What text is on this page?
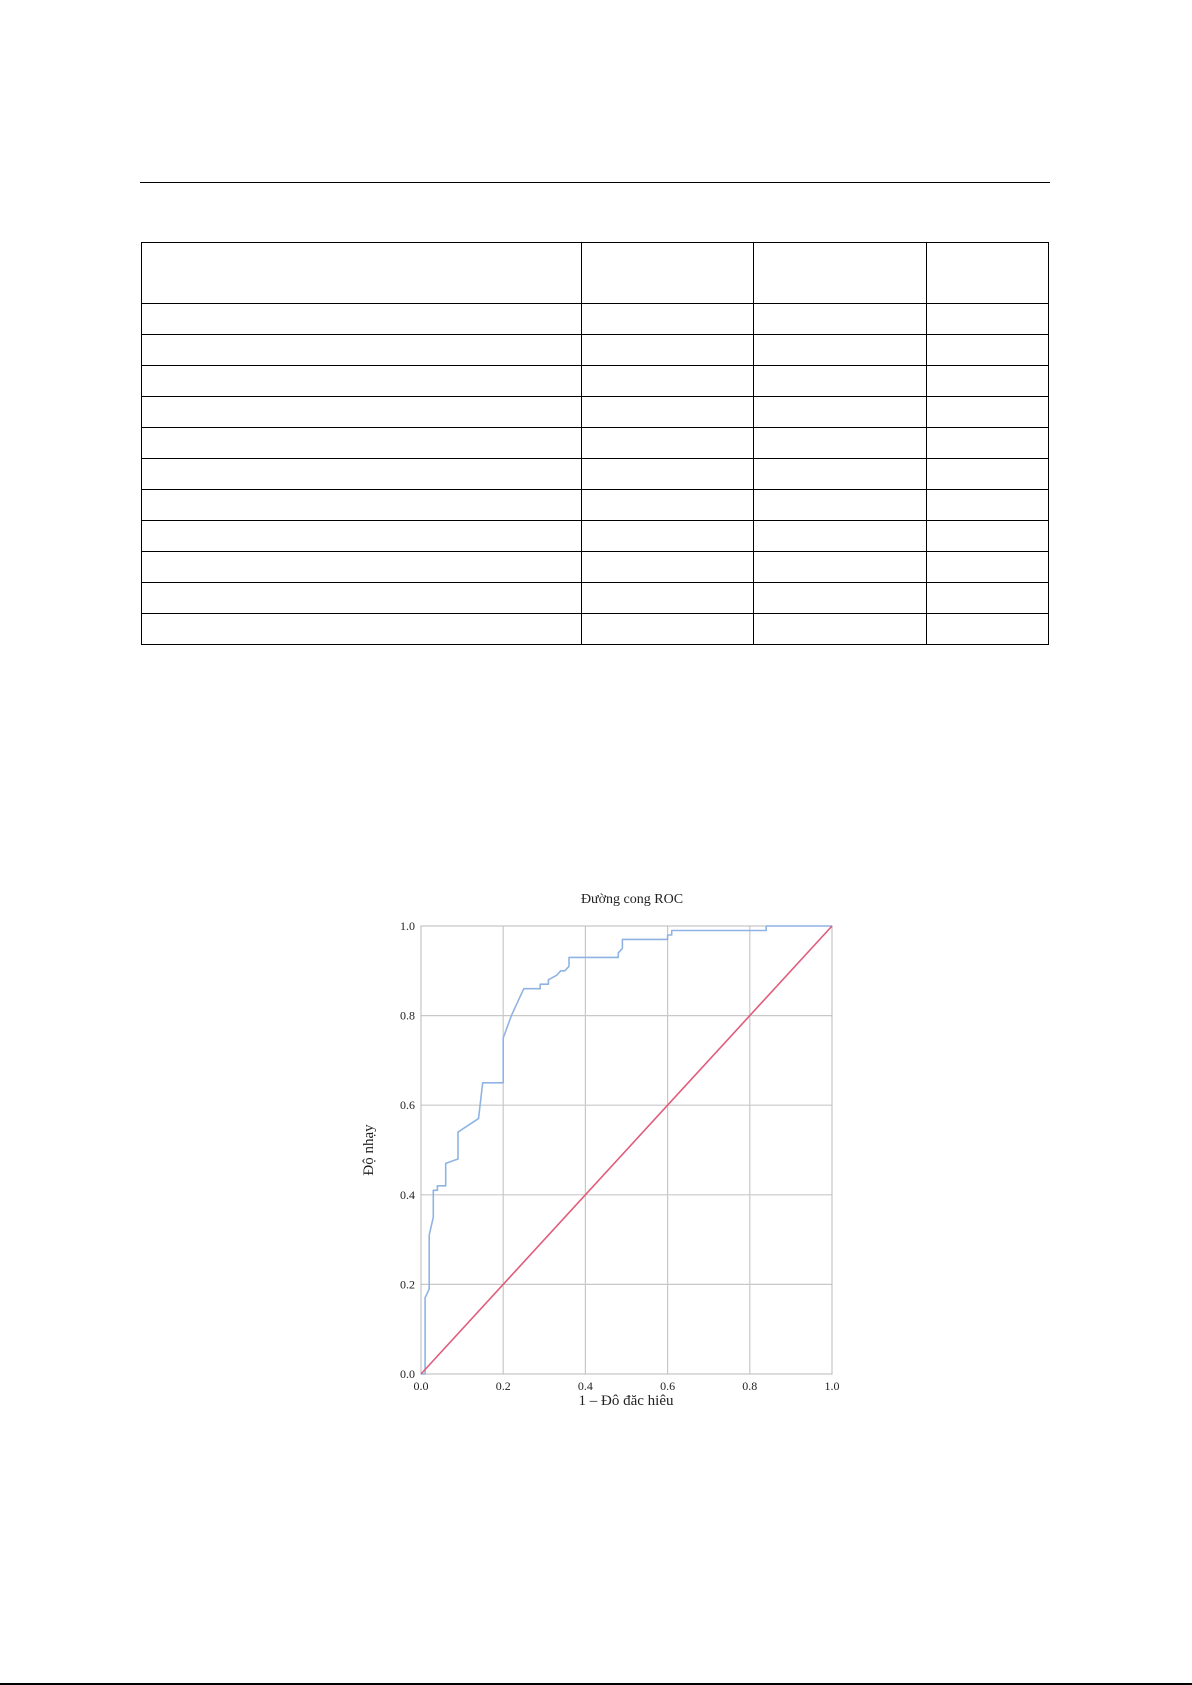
Đường cong ROC
0.0	0.2	0.4	0.6	0.8	1.0
0.0
0.2
0.4
0.6
0.8
1.0
1 – Độ đặc hiệu
Độ nhạy
